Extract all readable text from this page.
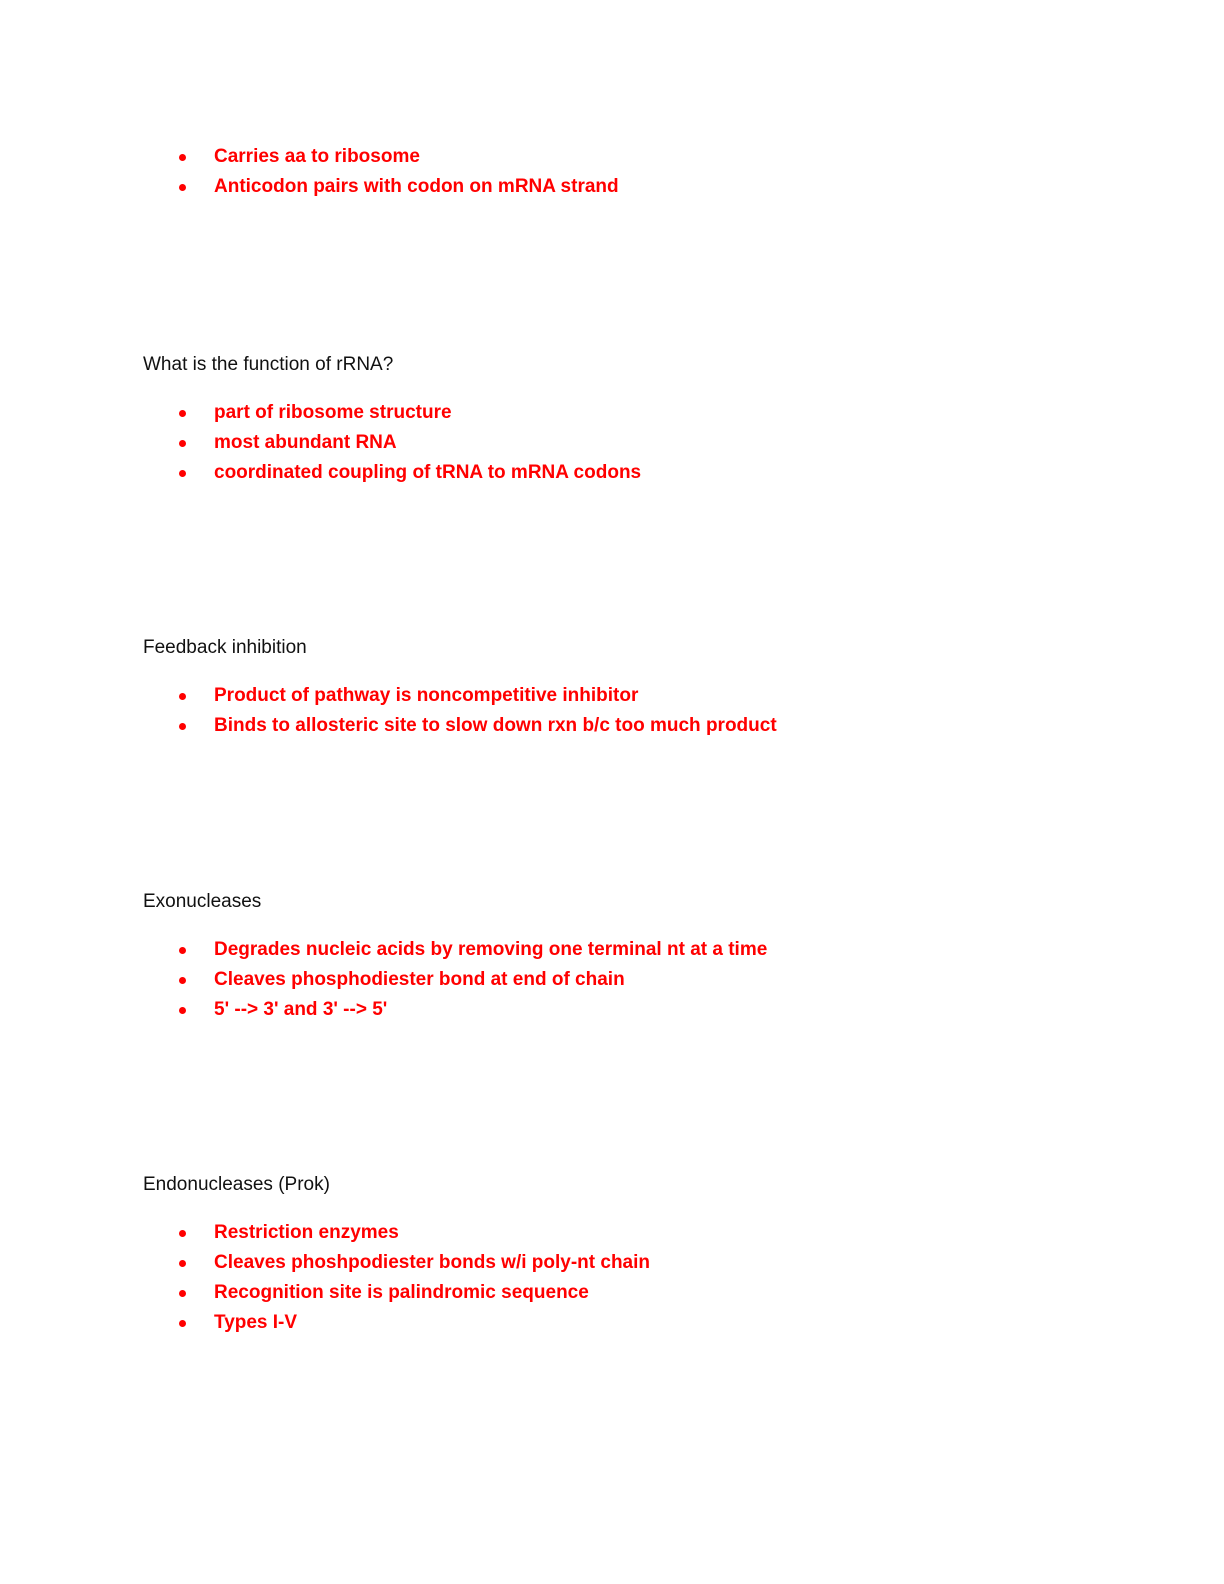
Carries aa to ribosome
Anticodon pairs with codon on mRNA strand

What is the function of rRNA?

part of ribosome structure
most abundant RNA
coordinated coupling of tRNA to mRNA codons

Feedback inhibition

Product of pathway is noncompetitive inhibitor
Binds to allosteric site to slow down rxn b/c too much product

Exonucleases

Degrades nucleic acids by removing one terminal nt at a time
Cleaves phosphodiester bond at end of chain
5' --> 3' and 3' --> 5'

Endonucleases (Prok)

Restriction enzymes
Cleaves phoshpodiester bonds w/i poly-nt chain
Recognition site is palindromic sequence
Types I-V
